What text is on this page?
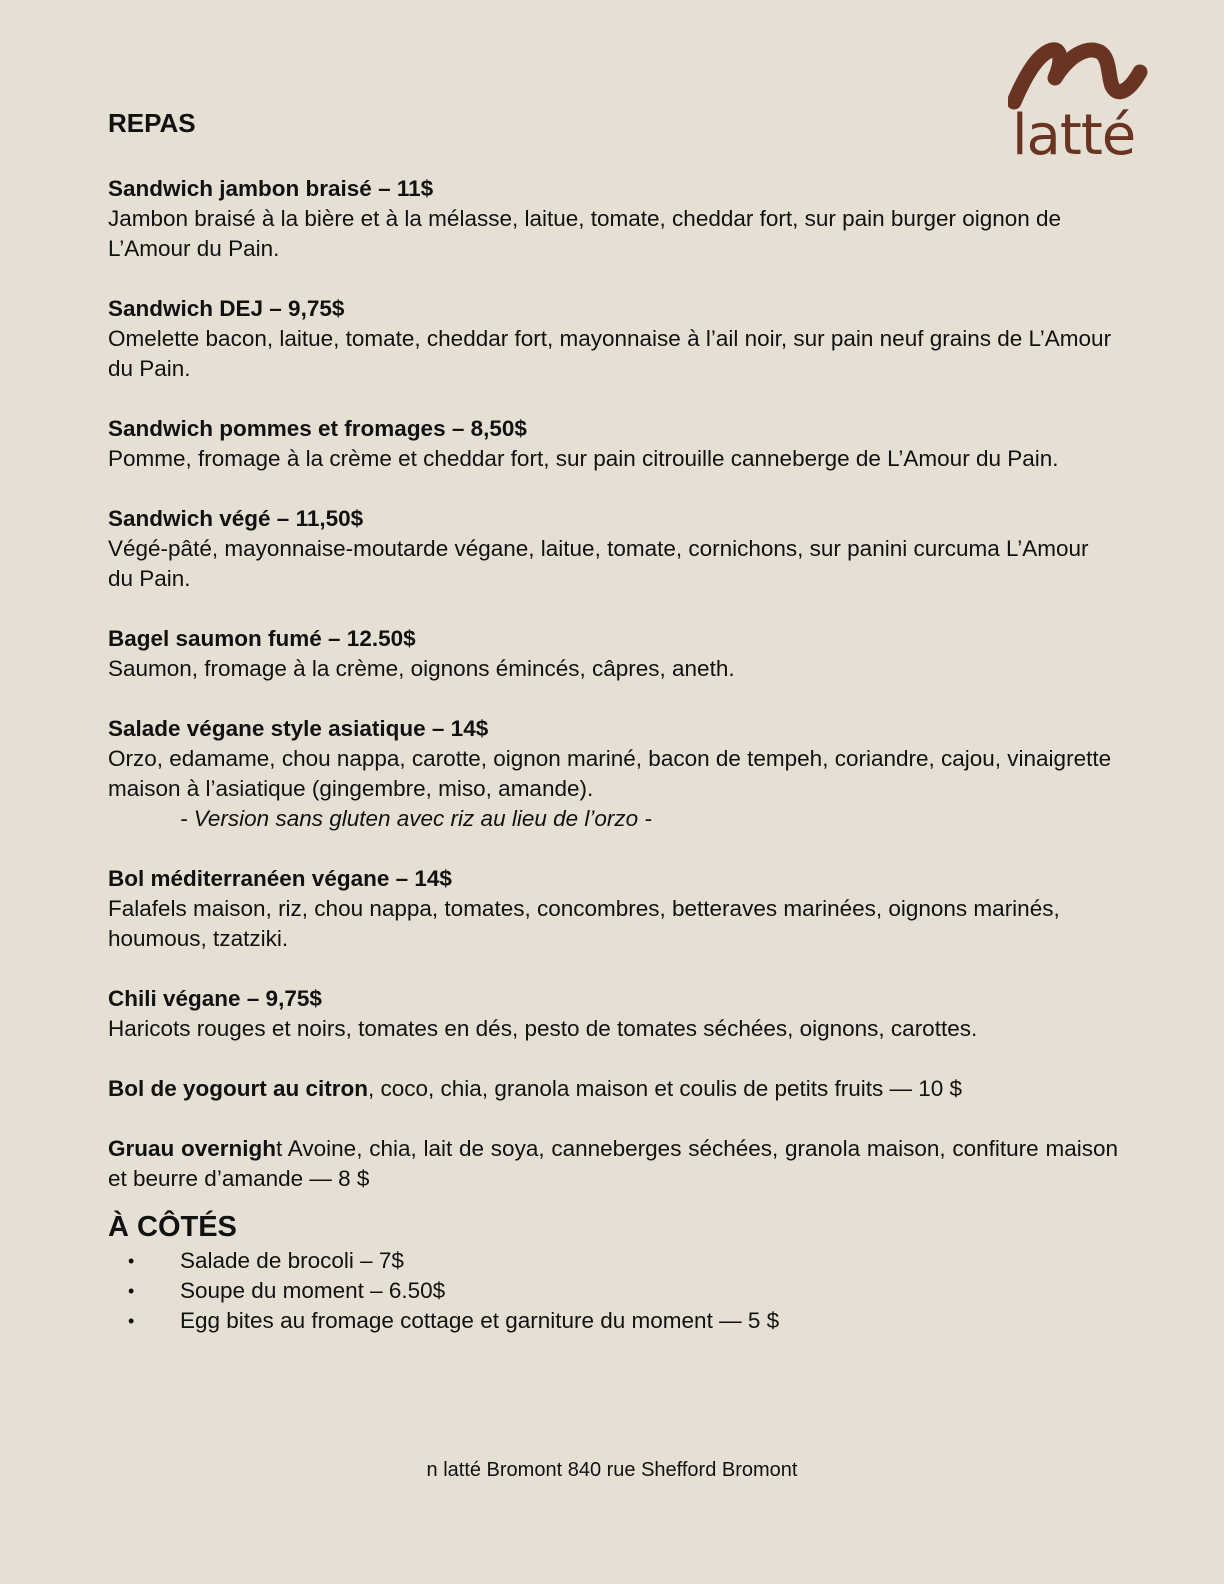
latté
REPAS
Sandwich jambon braisé – 11$
Jambon braisé à la bière et à la mélasse, laitue, tomate, cheddar fort, sur pain burger oignon de L’Amour du Pain.
Sandwich DEJ – 9,75$
Omelette bacon, laitue, tomate, cheddar fort, mayonnaise à l’ail noir, sur pain neuf grains de L’Amour du Pain.
Sandwich pommes et fromages – 8,50$
Pomme, fromage à la crème et cheddar fort, sur pain citrouille canneberge de L’Amour du Pain.
Sandwich végé – 11,50$
Végé-pâté, mayonnaise-moutarde végane, laitue, tomate, cornichons, sur panini curcuma L’Amour du Pain.
Bagel saumon fumé – 12.50$
Saumon, fromage à la crème, oignons émincés, câpres, aneth.
Salade végane style asiatique – 14$
Orzo, edamame, chou nappa, carotte, oignon mariné, bacon de tempeh, coriandre, cajou, vinaigrette maison à l’asiatique (gingembre, miso, amande).
- Version sans gluten avec riz au lieu de l’orzo -
Bol méditerranéen végane – 14$
Falafels maison, riz, chou nappa, tomates, concombres, betteraves marinées, oignons marinés, houmous, tzatziki.
Chili végane – 9,75$
Haricots rouges et noirs, tomates en dés, pesto de tomates séchées, oignons, carottes.
Bol de yogourt au citron, coco, chia, granola maison et coulis de petits fruits — 10 $
Gruau overnight Avoine, chia, lait de soya, canneberges séchées, granola maison, confiture maison et beurre d’amande — 8 $
À CÔTÉS
• Salade de brocoli – 7$
• Soupe du moment – 6.50$
• Egg bites au fromage cottage et garniture du moment — 5 $
n latté Bromont 840 rue Shefford Bromont
